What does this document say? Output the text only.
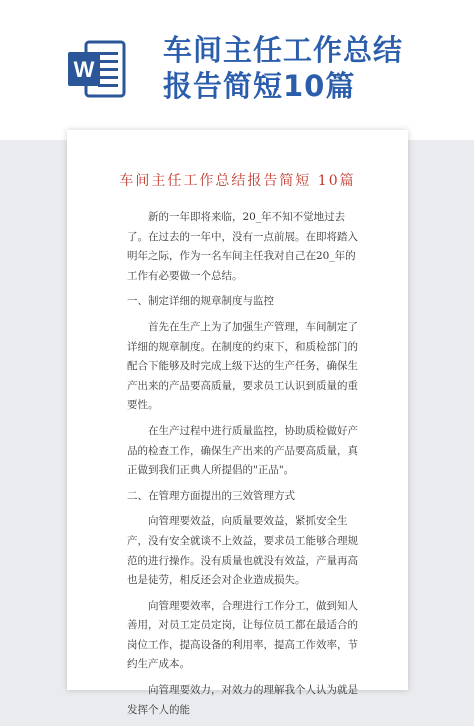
W
车间主任工作总结
报告简短10篇
车间主任工作总结报告简短 10篇

新的一年即将来临，20_年不知不觉地过去了。在过去的一年中，没有一点前展。在即将踏入明年之际，作为一名车间主任我对自己在20_年的工作有必要做一个总结。

一、制定详细的规章制度与监控

首先在生产上为了加强生产管理，车间制定了详细的规章制度。在制度的约束下，和质检部门的配合下能够及时完成上级下达的生产任务，确保生产出来的产品要高质量，要求员工认识到质量的重要性。

在生产过程中进行质量监控，协助质检做好产品的检查工作，确保生产出来的产品要高质量，真正做到我们正典人所提倡的"正品"。

二、在管理方面提出的三效管理方式

向管理要效益，向质量要效益，紧抓安全生产，没有安全就谈不上效益，要求员工能够合理规范的进行操作。没有质量也就没有效益，产量再高也是徒劳，相反还会对企业造成损失。

向管理要效率，合理进行工作分工，做到知人善用，对员工定员定岗，让每位员工都在最适合的岗位工作，提高设备的利用率，提高工作效率，节约生产成本。

向管理要效力，对效力的理解我个人认为就是发挥个人的能
